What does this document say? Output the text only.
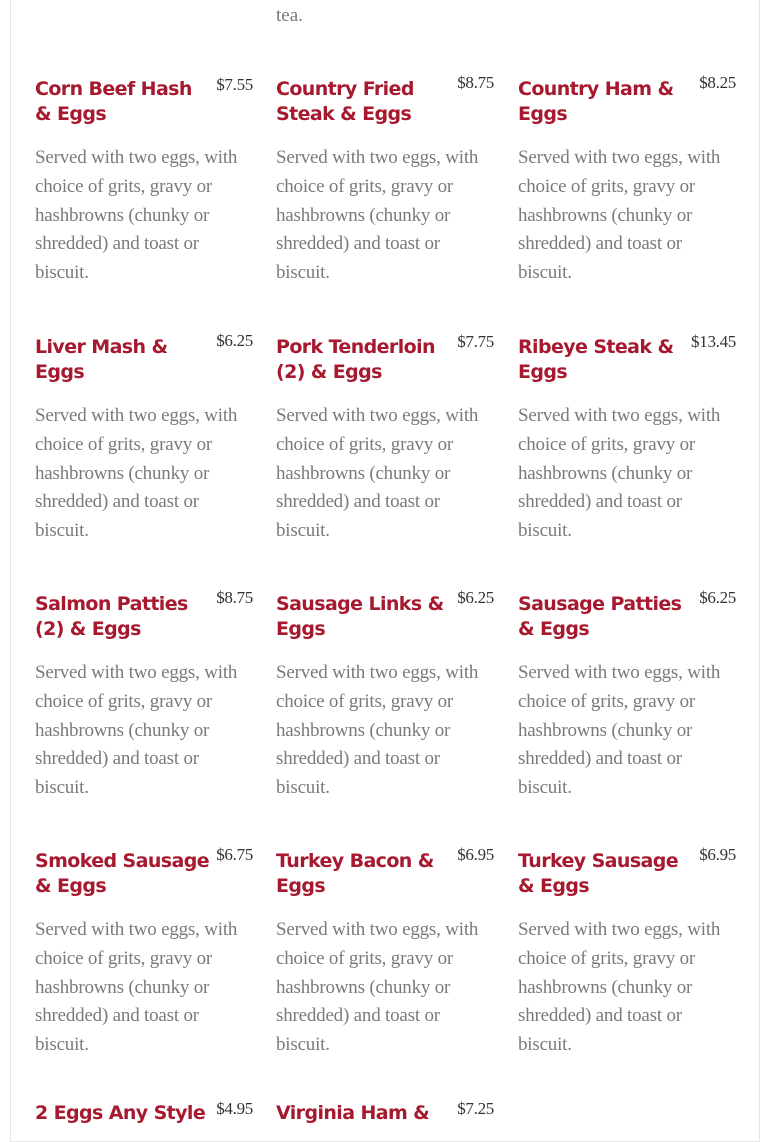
tea.

Corn Beef Hash & Eggs
$7.55

Served with two eggs, with choice of grits, gravy or hashbrowns (chunky or shredded) and toast or biscuit.

Country Fried Steak & Eggs
$8.75

Served with two eggs, with choice of grits, gravy or hashbrowns (chunky or shredded) and toast or biscuit.

Country Ham & Eggs
$8.25

Served with two eggs, with choice of grits, gravy or hashbrowns (chunky or shredded) and toast or biscuit.

Liver Mash & Eggs
$6.25

Served with two eggs, with choice of grits, gravy or hashbrowns (chunky or shredded) and toast or biscuit.

Pork Tenderloin (2) & Eggs
$7.75

Served with two eggs, with choice of grits, gravy or hashbrowns (chunky or shredded) and toast or biscuit.

Ribeye Steak & Eggs
$13.45

Served with two eggs, with choice of grits, gravy or hashbrowns (chunky or shredded) and toast or biscuit.

Salmon Patties (2) & Eggs
$8.75

Served with two eggs, with choice of grits, gravy or hashbrowns (chunky or shredded) and toast or biscuit.

Sausage Links & Eggs
$6.25

Served with two eggs, with choice of grits, gravy or hashbrowns (chunky or shredded) and toast or biscuit.

Sausage Patties & Eggs
$6.25

Served with two eggs, with choice of grits, gravy or hashbrowns (chunky or shredded) and toast or biscuit.

Smoked Sausage & Eggs
$6.75

Served with two eggs, with choice of grits, gravy or hashbrowns (chunky or shredded) and toast or biscuit.

Turkey Bacon & Eggs
$6.95

Served with two eggs, with choice of grits, gravy or hashbrowns (chunky or shredded) and toast or biscuit.

Turkey Sausage & Eggs
$6.95

Served with two eggs, with choice of grits, gravy or hashbrowns (chunky or shredded) and toast or biscuit.

2 Eggs Any Style $4.95 Virginia Ham &	$7.25
